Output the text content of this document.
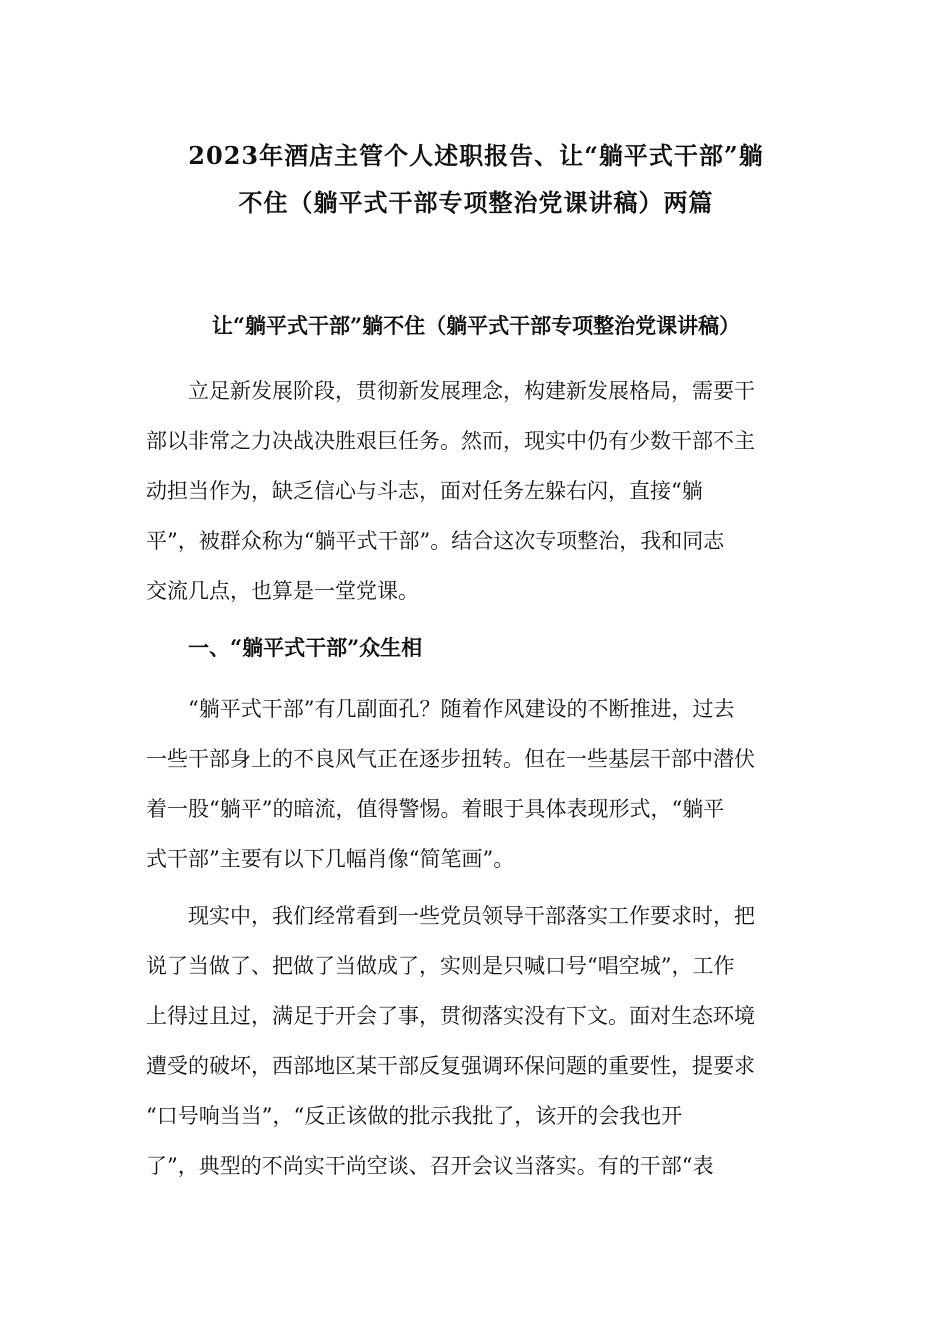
2023年酒店主管个人述职报告、让“躺平式干部”躺
不住（躺平式干部专项整治党课讲稿）两篇
让“躺平式干部”躺不住（躺平式干部专项整治党课讲稿）
立足新发展阶段，贯彻新发展理念，构建新发展格局，需要干
部以非常之力决战决胜艰巨任务。然而，现实中仍有少数干部不主
动担当作为，缺乏信心与斗志，面对任务左躲右闪，直接“躺
平”，被群众称为“躺平式干部”。结合这次专项整治，我和同志
交流几点，也算是一堂党课。
一、“躺平式干部”众生相
“躺平式干部”有几副面孔？随着作风建设的不断推进，过去
一些干部身上的不良风气正在逐步扭转。但在一些基层干部中潜伏
着一股“躺平”的暗流，值得警惕。着眼于具体表现形式，“躺平
式干部”主要有以下几幅肖像“简笔画”。
现实中，我们经常看到一些党员领导干部落实工作要求时，把
说了当做了、把做了当做成了，实则是只喊口号“唱空城”，工作
上得过且过，满足于开会了事，贯彻落实没有下文。面对生态环境
遭受的破坏，西部地区某干部反复强调环保问题的重要性，提要求
“口号响当当”，“反正该做的批示我批了，该开的会我也开
了”，典型的不尚实干尚空谈、召开会议当落实。有的干部“表
